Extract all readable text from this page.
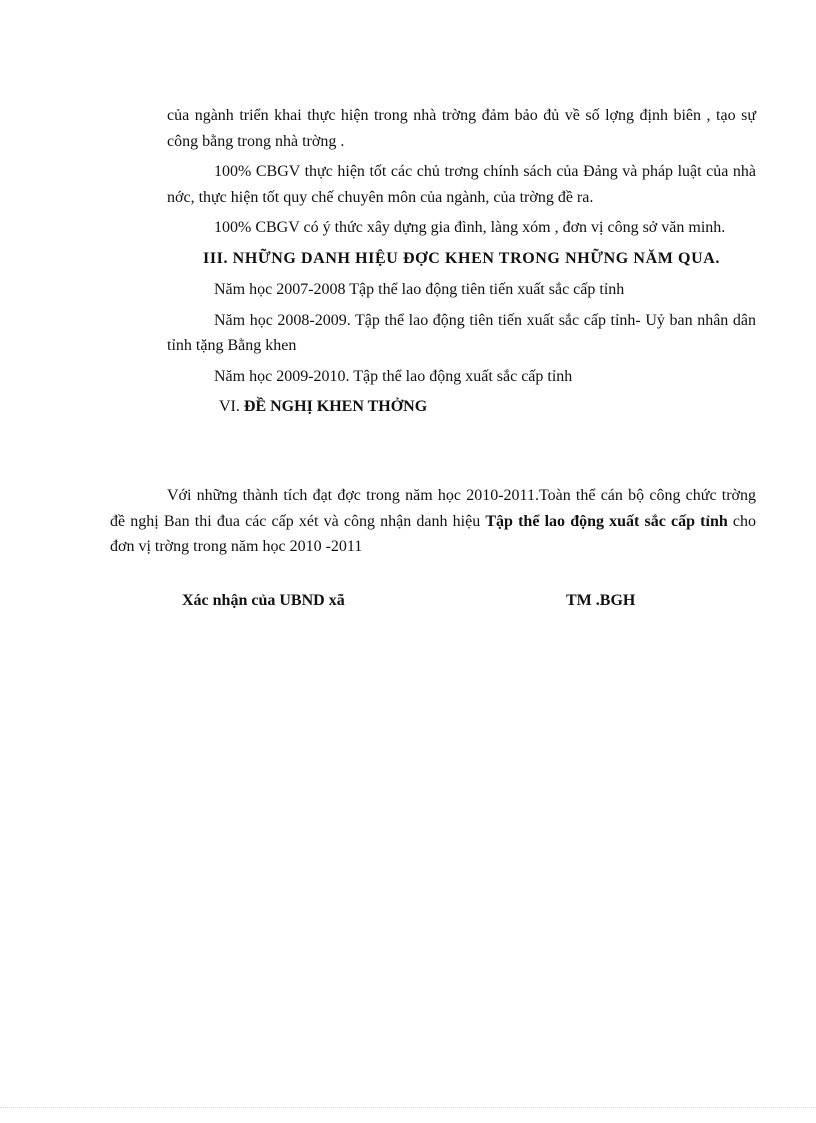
của ngành triển khai thực hiện trong nhà trờng đảm bảo đủ về số lợng định biên , tạo sự công bằng trong nhà trờng .

100% CBGV thực hiện tốt các chủ trơng chính sách của Đảng và pháp luật của nhà nớc, thực hiện tốt quy chế chuyên môn của ngành, của trờng đề ra.

100% CBGV có ý thức xây dựng gia đình, làng xóm , đơn vị công sở văn minh.

III. NHỮNG DANH HIỆU ĐỢC KHEN TRONG NHỮNG NĂM QUA.

Năm học 2007-2008 Tập thể lao động tiên tiến xuất sắc cấp tỉnh

Năm học 2008-2009. Tập thể lao động tiên tiến xuất sắc cấp tỉnh- Uỷ ban nhân dân tỉnh tặng Bằng khen

Năm học 2009-2010. Tập thể lao động xuất sắc cấp tỉnh

VI. ĐỀ NGHỊ KHEN THỞNG

Với những thành tích đạt đợc trong năm học 2010-2011.Toàn thể cán bộ công chức trờng đề nghị Ban thi đua các cấp xét và công nhận danh hiệu Tập thể lao động xuất sắc cấp tỉnh cho đơn vị trờng trong năm học 2010 -2011

Xác nhận của UBND xã	TM .BGH
